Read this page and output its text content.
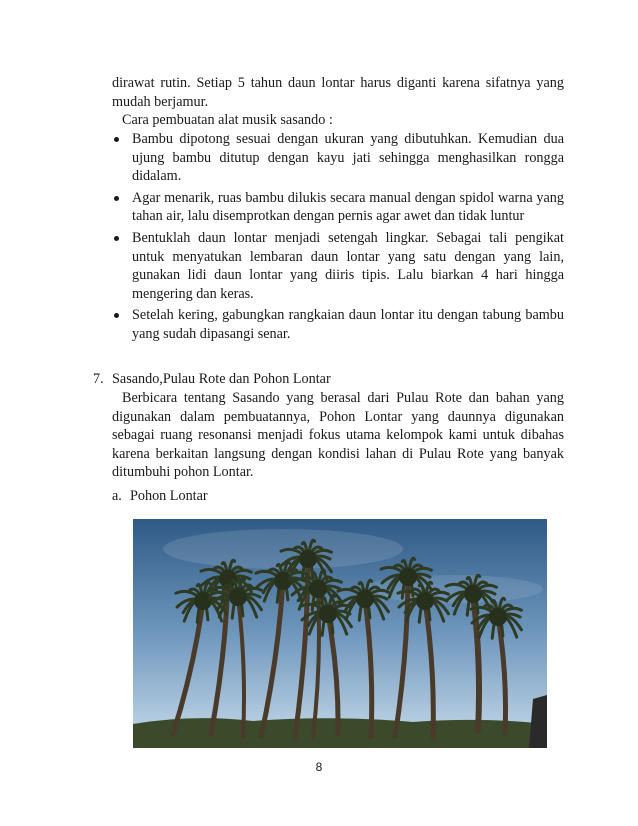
dirawat rutin. Setiap 5 tahun daun lontar harus diganti karena sifatnya yang mudah berjamur.

Cara pembuatan alat musik sasando :

Bambu dipotong sesuai dengan ukuran yang dibutuhkan. Kemudian dua ujung bambu ditutup dengan kayu jati sehingga menghasilkan rongga didalam.
Agar menarik, ruas bambu dilukis secara manual dengan spidol warna yang tahan air, lalu disemprotkan dengan pernis agar awet dan tidak luntur
Bentuklah daun lontar menjadi setengah lingkar. Sebagai tali pengikat untuk menyatukan lembaran daun lontar yang satu dengan yang lain, gunakan lidi daun lontar yang diiris tipis. Lalu biarkan 4 hari hingga mengering dan keras.
Setelah kering, gabungkan rangkaian daun lontar itu dengan tabung bambu yang sudah dipasangi senar.
7. Sasando,Pulau Rote dan Pohon Lontar

Berbicara tentang Sasando yang berasal dari Pulau Rote dan bahan yang digunakan dalam pembuatannya, Pohon Lontar yang daunnya digunakan sebagai ruang resonansi menjadi fokus utama kelompok kami untuk dibahas karena berkaitan langsung dengan kondisi lahan di Pulau Rote yang banyak ditumbuhi pohon Lontar.

a. Pohon Lontar
8
